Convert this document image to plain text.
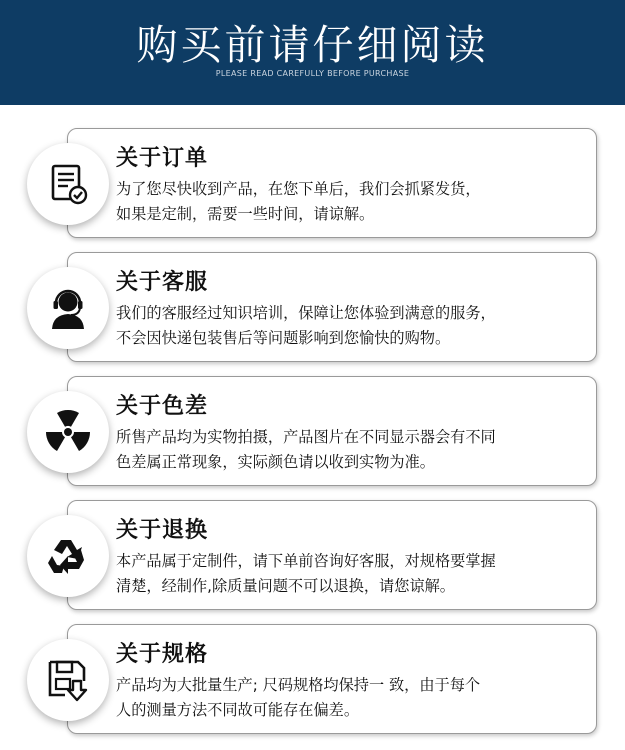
购买前请仔细阅读
PLEASE READ CAREFULLY BEFORE PURCHASE
关于订单
为了您尽快收到产品，在您下单后，我们会抓紧发货，
如果是定制，需要一些时间，请谅解。
关于客服
我们的客服经过知识培训，保障让您体验到满意的服务，
不会因快递包装售后等问题影响到您愉快的购物。
关于色差
所售产品均为实物拍摄，产品图片在不同显示器会有不同
色差属正常现象，实际颜色请以收到实物为准。
关于退换
本产品属于定制件，请下单前咨询好客服，对规格要掌握
清楚，经制作,除质量问题不可以退换，请您谅解。
关于规格
产品均为大批量生产; 尺码规格均保持一 致，由于每个
人的测量方法不同故可能存在偏差。
